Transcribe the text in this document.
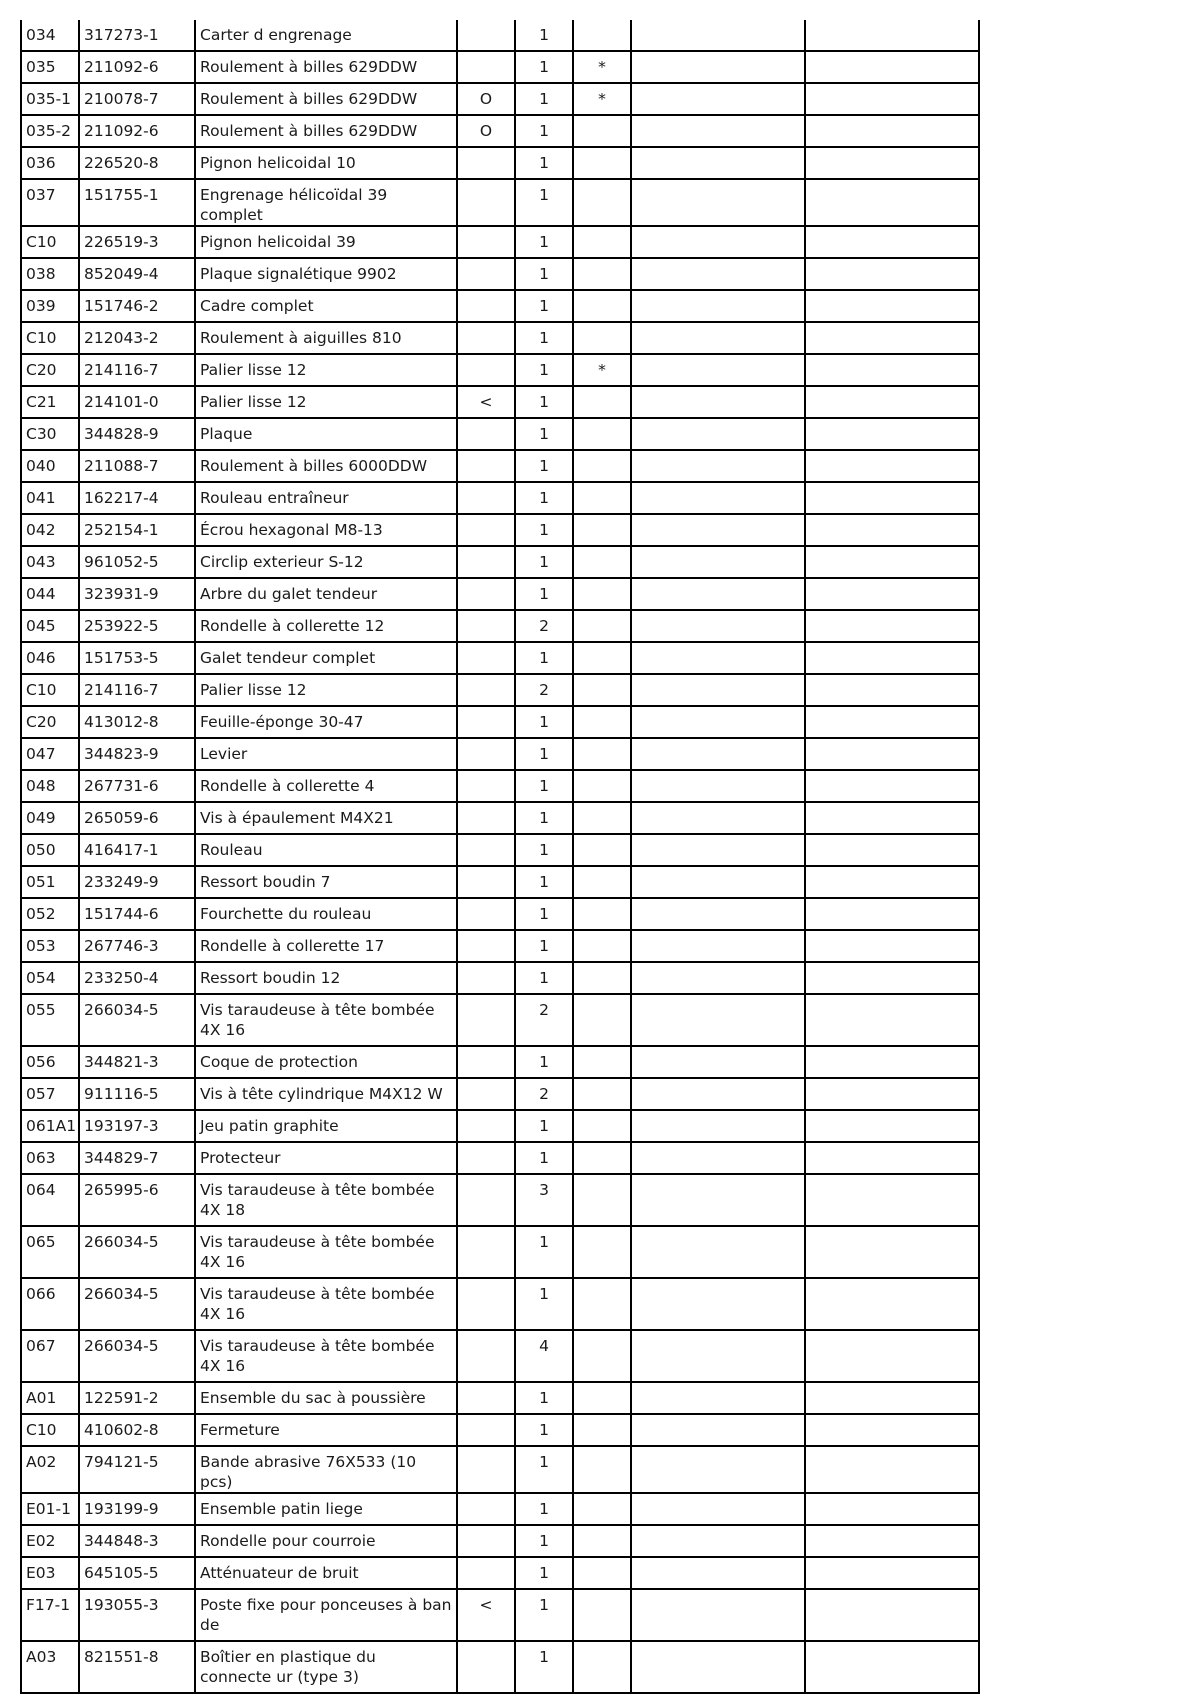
034	317273-1	Carter d engrenage		1			
035	211092-6	Roulement à billes 629DDW		1	*		
035-1	210078-7	Roulement à billes 629DDW	O	1	*		
035-2	211092-6	Roulement à billes 629DDW	O	1			
036	226520-8	Pignon helicoidal 10		1			
037	151755-1	Engrenage hélicoïdal 39 complet		1			
C10	226519-3	Pignon helicoidal 39		1			
038	852049-4	Plaque signalétique 9902		1			
039	151746-2	Cadre complet		1			
C10	212043-2	Roulement à aiguilles 810		1			
C20	214116-7	Palier lisse 12		1	*		
C21	214101-0	Palier lisse 12	<	1			
C30	344828-9	Plaque		1			
040	211088-7	Roulement à billes 6000DDW		1			
041	162217-4	Rouleau entraîneur		1			
042	252154-1	Écrou hexagonal M8-13		1			
043	961052-5	Circlip exterieur S-12		1			
044	323931-9	Arbre du galet tendeur		1			
045	253922-5	Rondelle à collerette 12		2			
046	151753-5	Galet tendeur complet		1			
C10	214116-7	Palier lisse 12		2			
C20	413012-8	Feuille-éponge 30-47		1			
047	344823-9	Levier		1			
048	267731-6	Rondelle à collerette 4		1			
049	265059-6	Vis à épaulement M4X21		1			
050	416417-1	Rouleau		1			
051	233249-9	Ressort boudin 7		1			
052	151744-6	Fourchette du rouleau		1			
053	267746-3	Rondelle à collerette 17		1			
054	233250-4	Ressort boudin 12		1			
055	266034-5	Vis taraudeuse à tête bombée 4X 16		2			
056	344821-3	Coque de protection		1			
057	911116-5	Vis à tête cylindrique M4X12 W		2			
061A1	193197-3	Jeu patin graphite		1			
063	344829-7	Protecteur		1			
064	265995-6	Vis taraudeuse à tête bombée 4X 18		3			
065	266034-5	Vis taraudeuse à tête bombée 4X 16		1			
066	266034-5	Vis taraudeuse à tête bombée 4X 16		1			
067	266034-5	Vis taraudeuse à tête bombée 4X 16		4			
A01	122591-2	Ensemble du sac à poussière		1			
C10	410602-8	Fermeture		1			
A02	794121-5	Bande abrasive 76X533 (10 pcs)		1			
E01-1	193199-9	Ensemble patin liege		1			
E02	344848-3	Rondelle pour courroie		1			
E03	645105-5	Atténuateur de bruit		1			
F17-1	193055-3	Poste fixe pour ponceuses à ban de	<	1			
A03	821551-8	Boîtier en plastique du connecte ur (type 3)		1			
